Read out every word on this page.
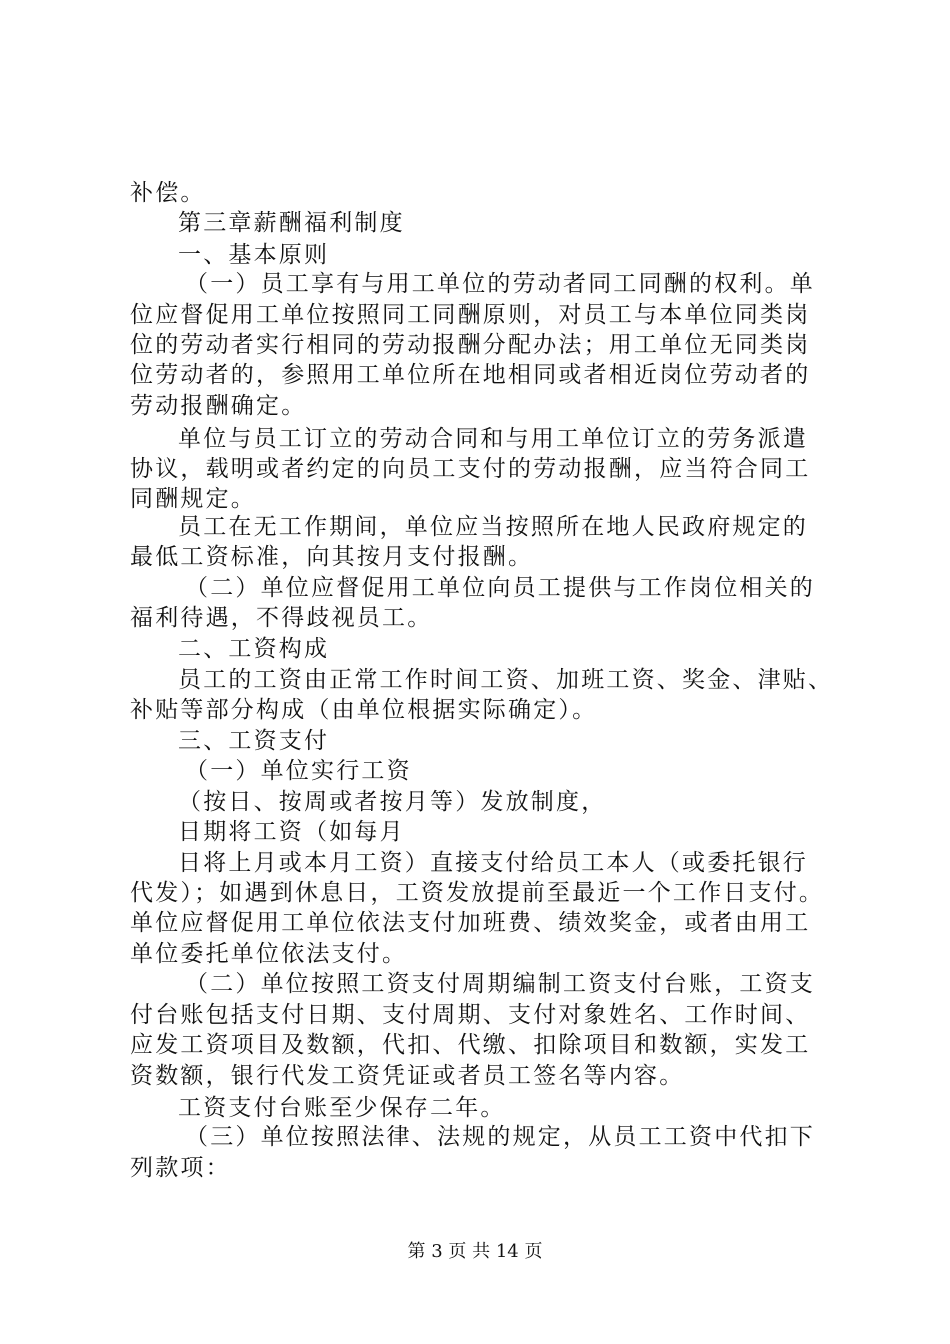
补偿。
第三章薪酬福利制度
一、基本原则
（一）员工享有与用工单位的劳动者同工同酬的权利。单
位应督促用工单位按照同工同酬原则，对员工与本单位同类岗
位的劳动者实行相同的劳动报酬分配办法；用工单位无同类岗
位劳动者的，参照用工单位所在地相同或者相近岗位劳动者的
劳动报酬确定。
单位与员工订立的劳动合同和与用工单位订立的劳务派遣
协议，载明或者约定的向员工支付的劳动报酬，应当符合同工
同酬规定。
员工在无工作期间，单位应当按照所在地人民政府规定的
最低工资标准，向其按月支付报酬。
（二）单位应督促用工单位向员工提供与工作岗位相关的
福利待遇，不得歧视员工。
二、工资构成
员工的工资由正常工作时间工资、加班工资、奖金、津贴、
补贴等部分构成（由单位根据实际确定）。
三、工资支付
（一）单位实行工资
（按日、按周或者按月等）发放制度，
日期将工资（如每月
日将上月或本月工资）直接支付给员工本人（或委托银行
代发）；如遇到休息日，工资发放提前至最近一个工作日支付。
单位应督促用工单位依法支付加班费、绩效奖金，或者由用工
单位委托单位依法支付。
（二）单位按照工资支付周期编制工资支付台账，工资支
付台账包括支付日期、支付周期、支付对象姓名、工作时间、
应发工资项目及数额，代扣、代缴、扣除项目和数额，实发工
资数额，银行代发工资凭证或者员工签名等内容。
工资支付台账至少保存二年。
（三）单位按照法律、法规的规定，从员工工资中代扣下
列款项：
第 3 页 共 14 页
